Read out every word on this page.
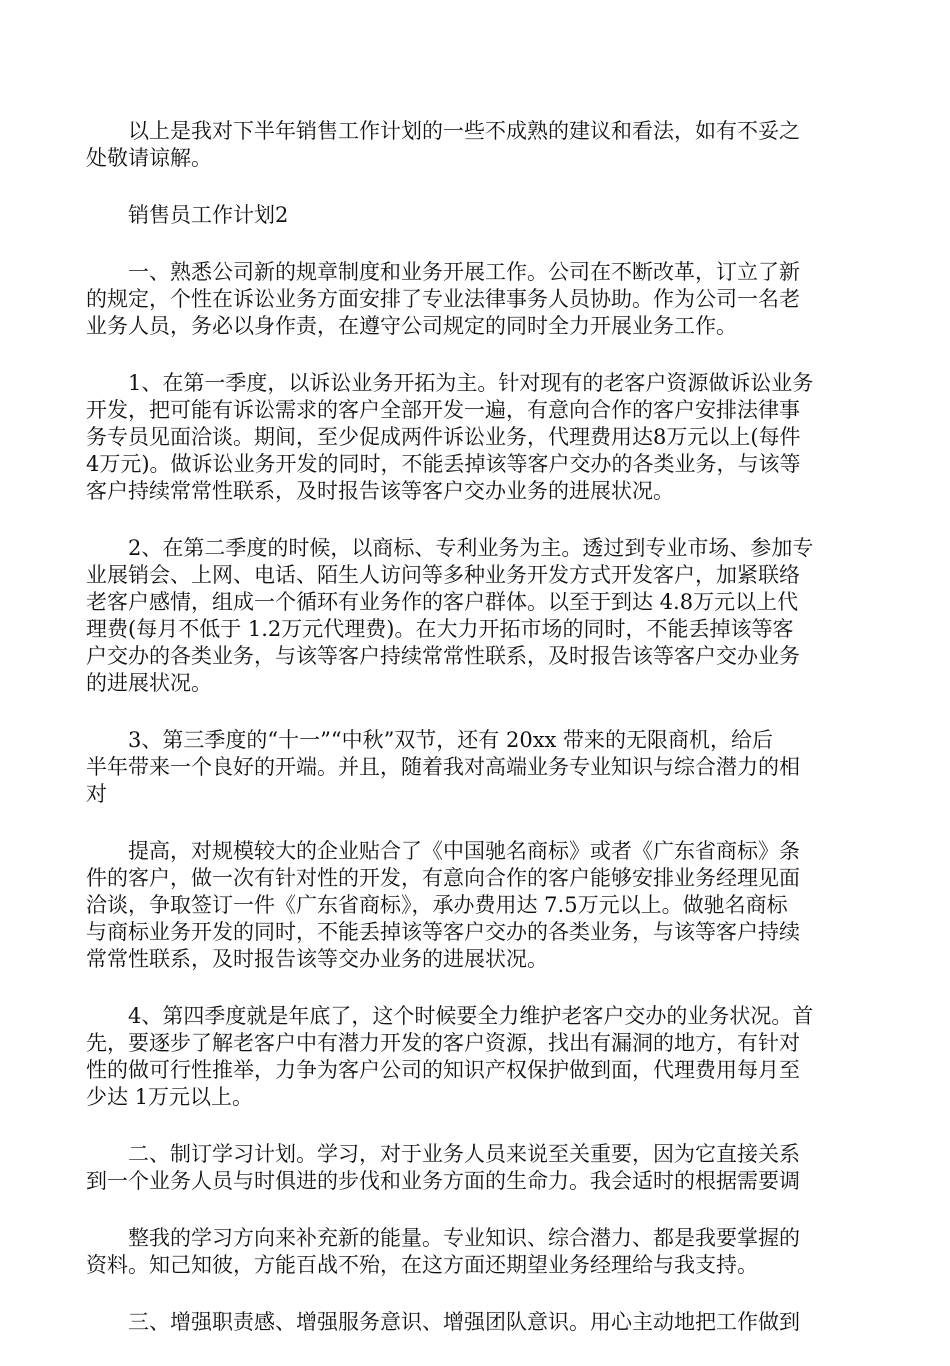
以上是我对下半年销售工作计划的一些不成熟的建议和看法，如有不妥之
处敬请谅解。

销售员工作计划2

一、熟悉公司新的规章制度和业务开展工作。公司在不断改革，订立了新
的规定，个性在诉讼业务方面安排了专业法律事务人员协助。作为公司一名老
业务人员，务必以身作责，在遵守公司规定的同时全力开展业务工作。

1、在第一季度，以诉讼业务开拓为主。针对现有的老客户资源做诉讼业务
开发，把可能有诉讼需求的客户全部开发一遍，有意向合作的客户安排法律事
务专员见面洽谈。期间，至少促成两件诉讼业务，代理费用达8万元以上(每件
4万元)。做诉讼业务开发的同时，不能丢掉该等客户交办的各类业务，与该等
客户持续常常性联系，及时报告该等客户交办业务的进展状况。

2、在第二季度的时候，以商标、专利业务为主。透过到专业市场、参加专
业展销会、上网、电话、陌生人访问等多种业务开发方式开发客户，加紧联络
老客户感情，组成一个循环有业务作的客户群体。以至于到达 4.8万元以上代
理费(每月不低于 1.2万元代理费)。在大力开拓市场的同时，不能丢掉该等客
户交办的各类业务，与该等客户持续常常性联系，及时报告该等客户交办业务
的进展状况。

3、第三季度的“十一”“中秋”双节，还有 20xx 带来的无限商机，给后
半年带来一个良好的开端。并且，随着我对高端业务专业知识与综合潜力的相
对

提高，对规模较大的企业贴合了《中国驰名商标》或者《广东省商标》条
件的客户，做一次有针对性的开发，有意向合作的客户能够安排业务经理见面
洽谈，争取签订一件《广东省商标》，承办费用达 7.5万元以上。做驰名商标
与商标业务开发的同时，不能丢掉该等客户交办的各类业务，与该等客户持续
常常性联系，及时报告该等交办业务的进展状况。

4、第四季度就是年底了，这个时候要全力维护老客户交办的业务状况。首
先，要逐步了解老客户中有潜力开发的客户资源，找出有漏洞的地方，有针对
性的做可行性推举，力争为客户公司的知识产权保护做到面，代理费用每月至
少达 1万元以上。

二、制订学习计划。学习，对于业务人员来说至关重要，因为它直接关系
到一个业务人员与时俱进的步伐和业务方面的生命力。我会适时的根据需要调

整我的学习方向来补充新的能量。专业知识、综合潜力、都是我要掌握的
资料。知己知彼，方能百战不殆，在这方面还期望业务经理给与我支持。

三、增强职责感、增强服务意识、增强团队意识。用心主动地把工作做到
